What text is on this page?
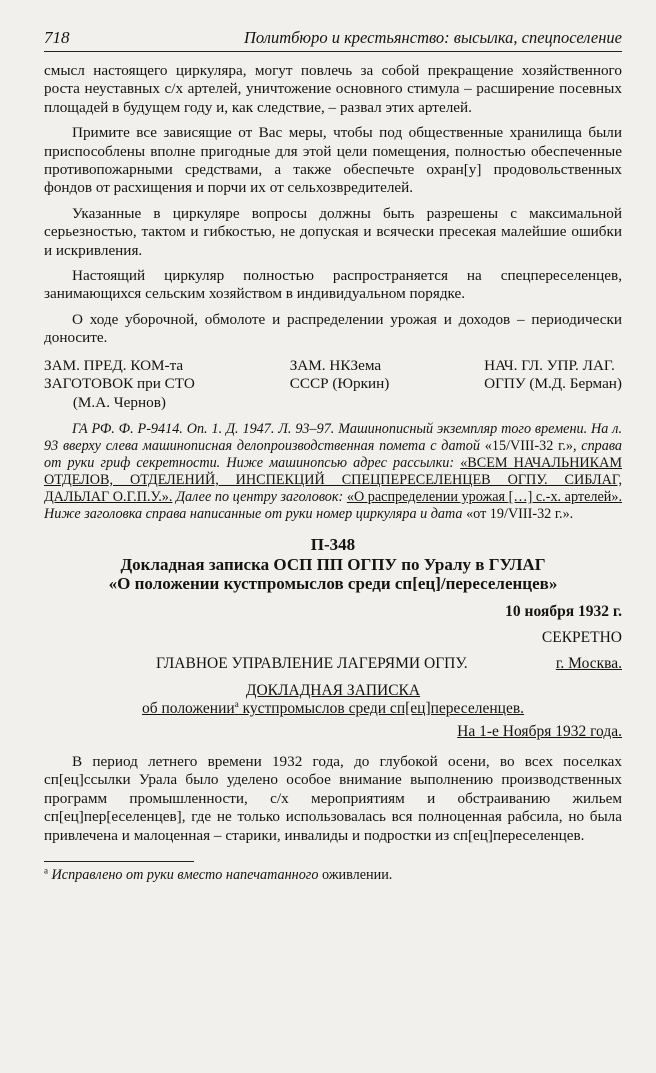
718	Политбюро и крестьянство: высылка, спецпоселение

смысл настоящего циркуляра, могут повлечь за собой прекращение хозяйственного роста неуставных с/х артелей, уничтожение основного стимула – расширение посевных площадей в будущем году и, как следствие, – развал этих артелей.

Примите все зависящие от Вас меры, чтобы под общественные хранилища были приспособлены вполне пригодные для этой цели помещения, полностью обеспеченные противопожарными средствами, а также обеспечьте охран[у] продовольственных фондов от расхищения и порчи их от сельхозвредителей.

Указанные в циркуляре вопросы должны быть разрешены с максимальной серьезностью, тактом и гибкостью, не допуская и всячески пресекая малейшие ошибки и искривления.

Настоящий циркуляр полностью распространяется на спецпереселенцев, занимающихся сельским хозяйством в индивидуальном порядке.

О ходе уборочной, обмолоте и распределении урожая и доходов – периодически доносите.

ЗАМ. ПРЕД. КОМ-та
ЗАГОТОВОК при СТО
(М.А. Чернов)
ЗАМ. НКЗема
СССР (Юркин)
НАЧ. ГЛ. УПР. ЛАГ.
ОГПУ (М.Д. Берман)

ГА РФ. Ф. Р-9414. Оп. 1. Д. 1947. Л. 93–97. Машинописный экземпляр того времени. На л. 93 вверху слева машинописная делопроизводственная помета с датой «15/VIII-32 г.», справа от руки гриф секретности. Ниже машинопсью адрес рассылки: «ВСЕМ НАЧАЛЬНИКАМ ОТДЕЛОВ, ОТДЕЛЕНИЙ, ИНСПЕКЦИЙ СПЕЦПЕРЕСЕЛЕНЦЕВ ОГПУ. СИБЛАГ, ДАЛЬЛАГ О.Г.П.У.». Далее по центру заголовок: «О распределении урожая […] с.-х. артелей». Ниже заголовка справа написанные от руки номер циркуляра и дата «от 19/VIII-32 г.».

П-348
Докладная записка ОСП ПП ОГПУ по Уралу в ГУЛАГ
«О положении кустпромыслов среди сп[ец]/переселенцев»
10 ноября 1932 г.
СЕКРЕТНО
ГЛАВНОЕ УПРАВЛЕНИЕ ЛАГЕРЯМИ ОГПУ.	г. Москва.
ДОКЛАДНАЯ ЗАПИСКА
об положении$^а$ кустпромыслов среди сп[ец]переселенцев.
На 1-е Ноября 1932 года.

В период летнего времени 1932 года, до глубокой осени, во всех поселках сп[ец]ссылки Урала было уделено особое внимание выполнению производственных программ промышленности, с/х мероприятиям и обстраиванию жильем сп[ец]пер[еселенцев], где не только использовалась вся полноценная рабсила, но была привлечена и малоценная – старики, инвалиды и подростки из сп[ец]переселенцев.

$^а$ Исправлено от руки вместо напечатанного оживлении.
